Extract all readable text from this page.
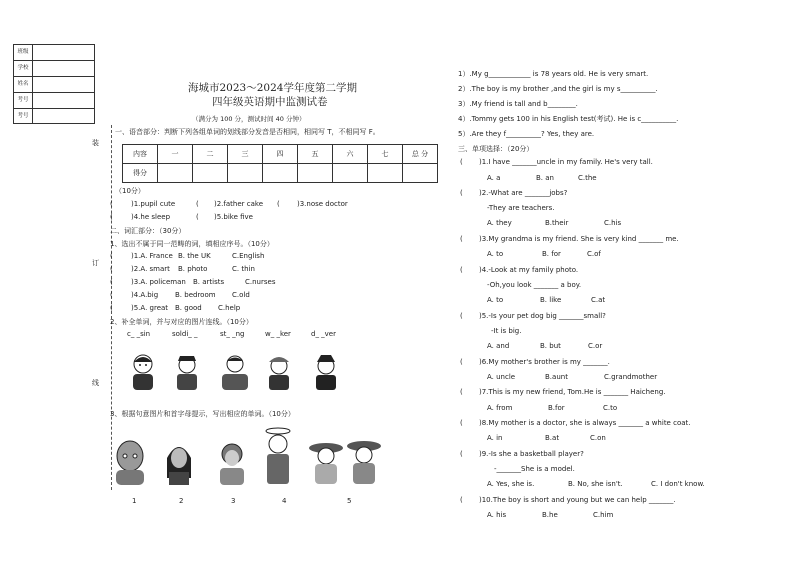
班级
学校
姓名
考号
考号
装
订
线
海城市2023～2024学年度第二学期
四年级英语期中监测试卷
（满分为 100 分，测试时间 40 分钟）
一、语音部分：判断下列各组单词的划线部分发音是否相同，相同写 T，不相同写 F。
内容	一	二	三	四	五	六	七	总 分
得分								
（10分）
(	)1.pupil cute	( )2.father cake ( )3.nose doctor
(	)4.he sleep	( )5.bike five
二、词汇部分：（30分）
1、选出不属于同一范畴的词，填相应序号。（10分）
(	)1.A. France B. the UK	C.English
(	)2.A. smart B. photo	C. thin
(	)3.A. policeman B. artists	C.nurses
(	)4.A.big B. bedroom C.old
(	)5.A. great B. good C.help
2、补全单词，并与对应的图片连线。（10分）
c_ _sin	soldi_ _	st_ _ng	w_ _ker	d_ _ver
3、根据句意图片和首字母提示，写出相应的单词。（10分）
1	2	3	4	5
1）.My g____________ is 78 years old. He is very smart.
2）.The boy is my brother ,and the girl is my s__________.
3）.My friend is tall and b________.
4）.Tommy gets 100 in his English test(考试). He is c__________.
5）.Are they f__________? Yes, they are.
三、单项选择：（20分）
( )1.I have _______uncle in my family. He's very tall.
A. a	B. an	C.the
( )2.-What are _______jobs?
-They are teachers.
A. they	B.their	C.his
( )3.My grandma is my friend. She is very kind _______ me.
A. to	B. for	C.of
( )4.-Look at my family photo.
-Oh,you look _______ a boy.
A. to	B. like	C.at
( )5.-Is your pet dog big _______small?
-It is big.
A. and	B. but	C.or
( )6.My mother's brother is my _______.
A. uncle	B.aunt	C.grandmother
( )7.This is my new friend, Tom.He is _______ Haicheng.
A. from	B.for	C.to
( )8.My mother is a doctor, she is always _______ a white coat.
A. in	B.at	C.on
( )9.-Is she a basketball player?
-_______She is a model.
A. Yes, she is.	B. No, she isn't.	C. I don't know.
( )10.The boy is short and young but we can help _______.
A. his	B.he	C.him
